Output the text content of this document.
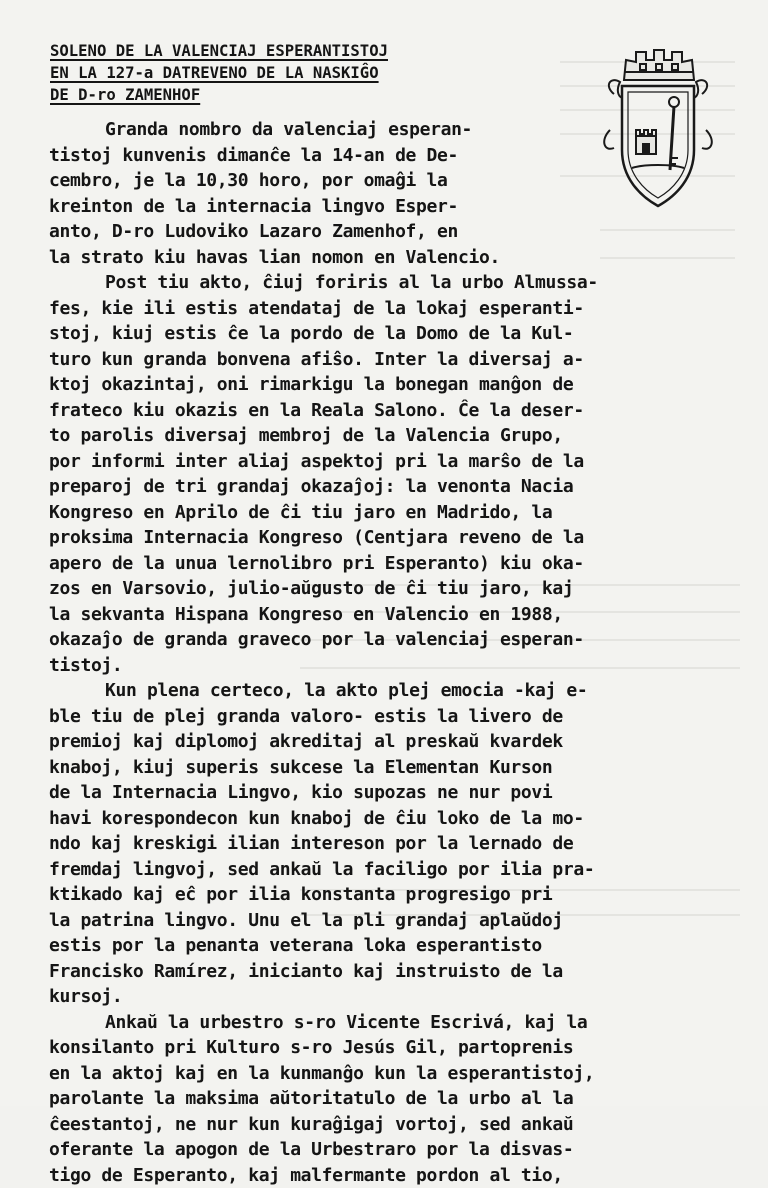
SOLENO DE LA VALENCIAJ ESPERANTISTOJ
EN LA 127-a DATREVENO DE LA NASKIĜO
DE D-ro ZAMENHOF
Granda nombro da valenciaj esperan-
tistoj kunvenis dimanĉe la 14-an de De-
cembro, je la 10,30 horo, por omaĝi la
kreinton de la internacia lingvo Esper-
anto, D-ro Ludoviko Lazaro Zamenhof, en
la strato kiu havas lian nomon en Valencio.
Post tiu akto, ĉiuj foriris al la urbo Almussa-
fes, kie ili estis atendataj de la lokaj esperanti-
stoj, kiuj estis ĉe la pordo de la Domo de la Kul-
turo kun granda bonvena afiŝo. Inter la diversaj a-
ktoj okazintaj, oni rimarkigu la bonegan manĝon de
frateco kiu okazis en la Reala Salono. Ĉe la deser-
to parolis diversaj membroj de la Valencia Grupo,
por informi inter aliaj aspektoj pri la marŝo de la
preparoj de tri grandaj okazaĵoj: la venonta Nacia
Kongreso en Aprilo de ĉi tiu jaro en Madrido, la
proksima Internacia Kongreso (Centjara reveno de la
apero de la unua lernolibro pri Esperanto) kiu oka-
zos en Varsovio, julio-aŭgusto de ĉi tiu jaro, kaj
la sekvanta Hispana Kongreso en Valencio en 1988,
okazaĵo de granda graveco por la valenciaj esperan-
tistoj.
Kun plena certeco, la akto plej emocia -kaj e-
ble tiu de plej granda valoro- estis la livero de
premioj kaj diplomoj akreditaj al preskaŭ kvardek
knaboj, kiuj superis sukcese la Elementan Kurson
de la Internacia Lingvo, kio supozas ne nur povi
havi korespondecon kun knaboj de ĉiu loko de la mo-
ndo kaj kreskigi ilian intereson por la lernado de
fremdaj lingvoj, sed ankaŭ la faciligo por ilia pra-
ktikado kaj eĉ por ilia konstanta progresigo pri
la patrina lingvo. Unu el la pli grandaj aplaŭdoj
estis por la penanta veterana loka esperantisto
Francisko Ramírez, inicianto kaj instruisto de la
kursoj.
Ankaŭ la urbestro s-ro Vicente Escrivá, kaj la
konsilanto pri Kulturo s-ro Jesús Gil, partoprenis
en la aktoj kaj en la kunmanĝo kun la esperantistoj,
parolante la maksima aŭtoritatulo de la urbo al la
ĉeestantoj, ne nur kun kuraĝigaj vortoj, sed ankaŭ
oferante la apogon de la Urbestraro por la disvas-
tigo de Esperanto, kaj malfermante pordon al tio,
